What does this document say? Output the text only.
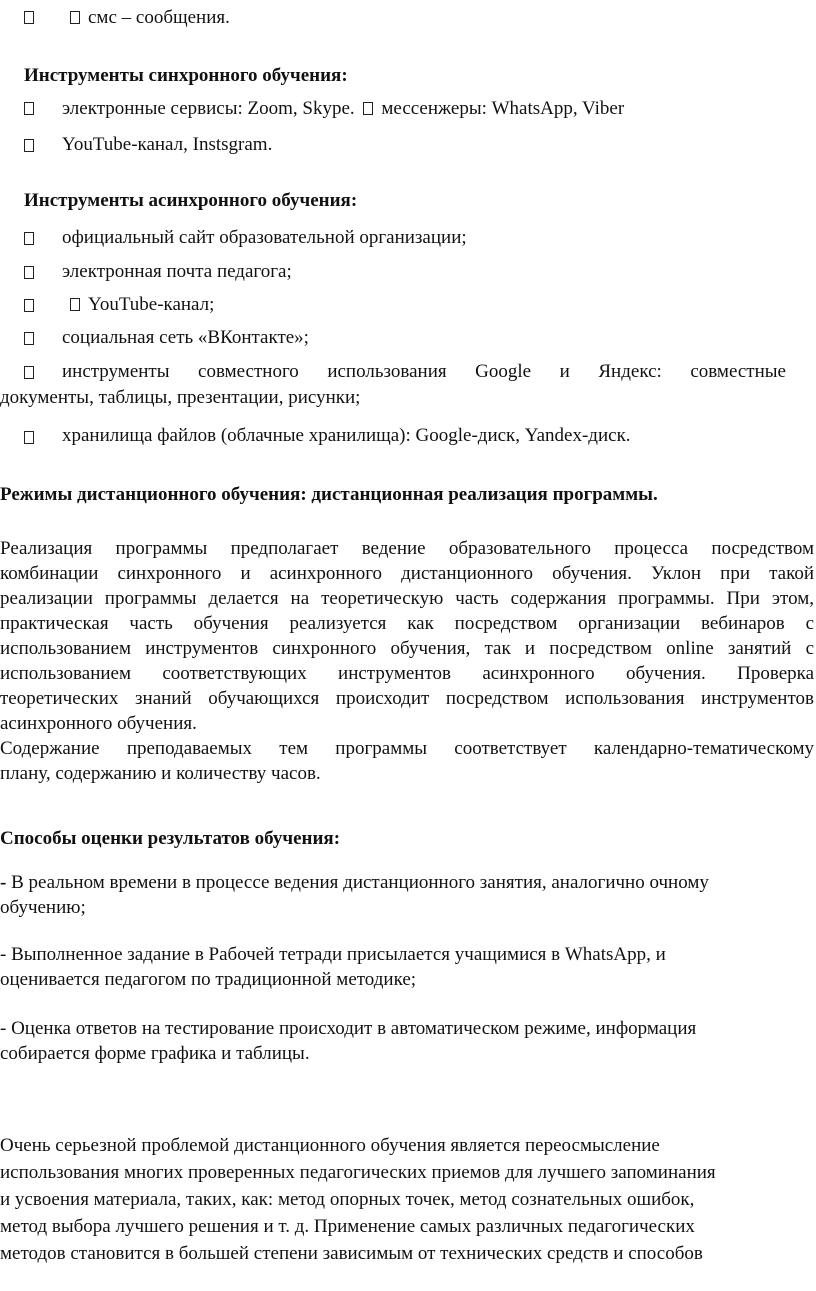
смс – сообщения.
Инструменты синхронного обучения:
электронные сервисы: Zoom, Skype. мессенжеры: WhatsApp, Viber
YouTube-канал, Instsgram.
Инструменты асинхронного обучения:
официальный сайт образовательной организации;
электронная почта педагога;
YouTube-канал;
социальная сеть «ВКонтакте»;
инструменты совместного использования Google и Яндекс: совместные
документы, таблицы, презентации, рисунки;
хранилища файлов (облачные хранилища): Google-диск, Yandex-диск.
Режимы дистанционного обучения: дистанционная реализация программы.
Реализация программы предполагает ведение образовательного процесса посредством
комбинации синхронного и асинхронного дистанционного обучения. Уклон при такой
реализации программы делается на теоретическую часть содержания программы. При этом,
практическая часть обучения реализуется как посредством организации вебинаров с
использованием инструментов синхронного обучения, так и посредством online занятий с
использованием соответствующих инструментов асинхронного обучения. Проверка
теоретических знаний обучающихся происходит посредством использования инструментов
асинхронного обучения.
Содержание преподаваемых тем программы соответствует календарно-тематическому
плану, содержанию и количеству часов.
Способы оценки результатов обучения:
- В реальном времени в процессе ведения дистанционного занятия, аналогично очному
обучению;
- Выполненное задание в Рабочей тетради присылается учащимися в WhatsApp, и
оценивается педагогом по традиционной методике;
- Оценка ответов на тестирование происходит в автоматическом режиме, информация
собирается форме графика и таблицы.
Очень серьезной проблемой дистанционного обучения является переосмысление
использования многих проверенных педагогических приемов для лучшего запоминания
и усвоения материала, таких, как: метод опорных точек, метод сознательных ошибок,
метод выбора лучшего решения и т. д. Применение самых различных педагогических
методов становится в большей степени зависимым от технических средств и способов
